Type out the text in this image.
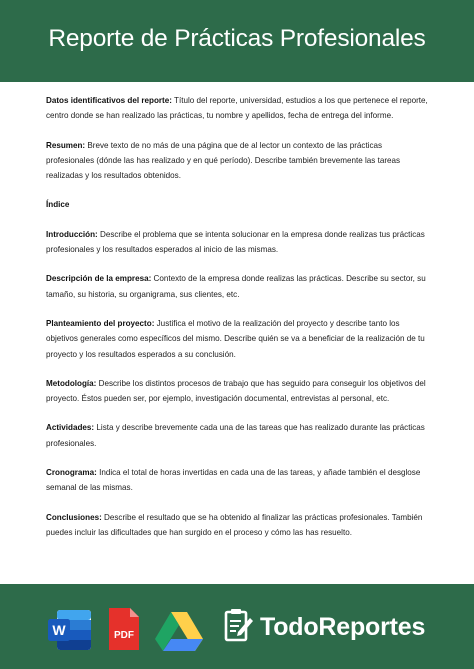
Reporte de Prácticas Profesionales

Datos identificativos del reporte: Título del reporte, universidad, estudios a los que pertenece el reporte, centro donde se han realizado las prácticas, tu nombre y apellidos, fecha de entrega del informe.

Resumen: Breve texto de no más de una página que de al lector un contexto de las prácticas profesionales (dónde las has realizado y en qué período). Describe también brevemente las tareas realizadas y los resultados obtenidos.

Índice

Introducción: Describe el problema que se intenta solucionar en la empresa donde realizas tus prácticas profesionales y los resultados esperados al inicio de las mismas.

Descripción de la empresa: Contexto de la empresa donde realizas las prácticas. Describe su sector, su tamaño, su historia, su organigrama, sus clientes, etc.

Planteamiento del proyecto: Justifica el motivo de la realización del proyecto y describe tanto los objetivos generales como específicos del mismo. Describe quién se va a beneficiar de la realización de tu proyecto y los resultados esperados a su conclusión.

Metodología: Describe los distintos procesos de trabajo que has seguido para conseguir los objetivos del proyecto. Éstos pueden ser, por ejemplo, investigación documental, entrevistas al personal, etc.

Actividades: Lista y describe brevemente cada una de las tareas que has realizado durante las prácticas profesionales.

Cronograma: Indica el total de horas invertidas en cada una de las tareas, y añade también el desglose semanal de las mismas.

Conclusiones: Describe el resultado que se ha obtenido al finalizar las prácticas profesionales. También puedes incluir las dificultades que han surgido en el proceso y cómo las has resuelto.

W	PDF	TodoReportes
